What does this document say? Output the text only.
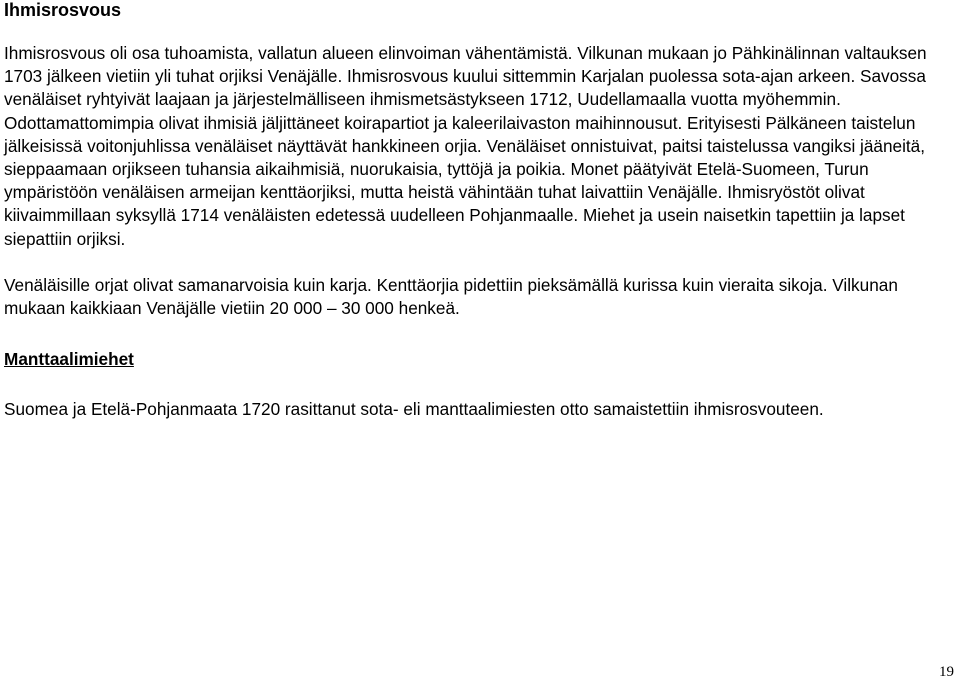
Ihmisrosvous

Ihmisrosvous oli osa tuhoamista, vallatun alueen elinvoiman vähentämistä. Vilkunan mukaan jo Pähkinälinnan valtauksen 1703 jälkeen vietiin yli tuhat orjiksi Venäjälle. Ihmisrosvous kuului sittemmin Karjalan puolessa sota-ajan arkeen. Savossa venäläiset ryhtyivät laajaan ja järjestelmälliseen ihmismetsästykseen 1712, Uudellamaalla vuotta myöhemmin. Odottamattomimpia olivat ihmisiä jäljittäneet koirapartiot ja kaleerilaivaston maihinnousut. Erityisesti Pälkäneen taistelun jälkeisissä voitonjuhlissa venäläiset näyttävät hankkineen orjia. Venäläiset onnistuivat, paitsi taistelussa vangiksi jääneitä, sieppaamaan orjikseen tuhansia aikaihmisiä, nuorukaisia, tyttöjä ja poikia. Monet päätyivät Etelä-Suomeen, Turun ympäristöön venäläisen armeijan kenttäorjiksi, mutta heistä vähintään tuhat laivattiin Venäjälle. Ihmisryöstöt olivat kiivaimmillaan syksyllä 1714 venäläisten edetessä uudelleen Pohjanmaalle. Miehet ja usein naisetkin tapettiin ja lapset siepattiin orjiksi.

Venäläisille orjat olivat samanarvoisia kuin karja. Kenttäorjia pidettiin pieksämällä kurissa kuin vieraita sikoja. Vilkunan mukaan kaikkiaan Venäjälle vietiin 20 000 – 30 000 henkeä.

Manttaalimiehet

Suomea ja Etelä-Pohjanmaata 1720 rasittanut sota- eli manttaalimiesten otto samaistettiin ihmisrosvouteen.

19
